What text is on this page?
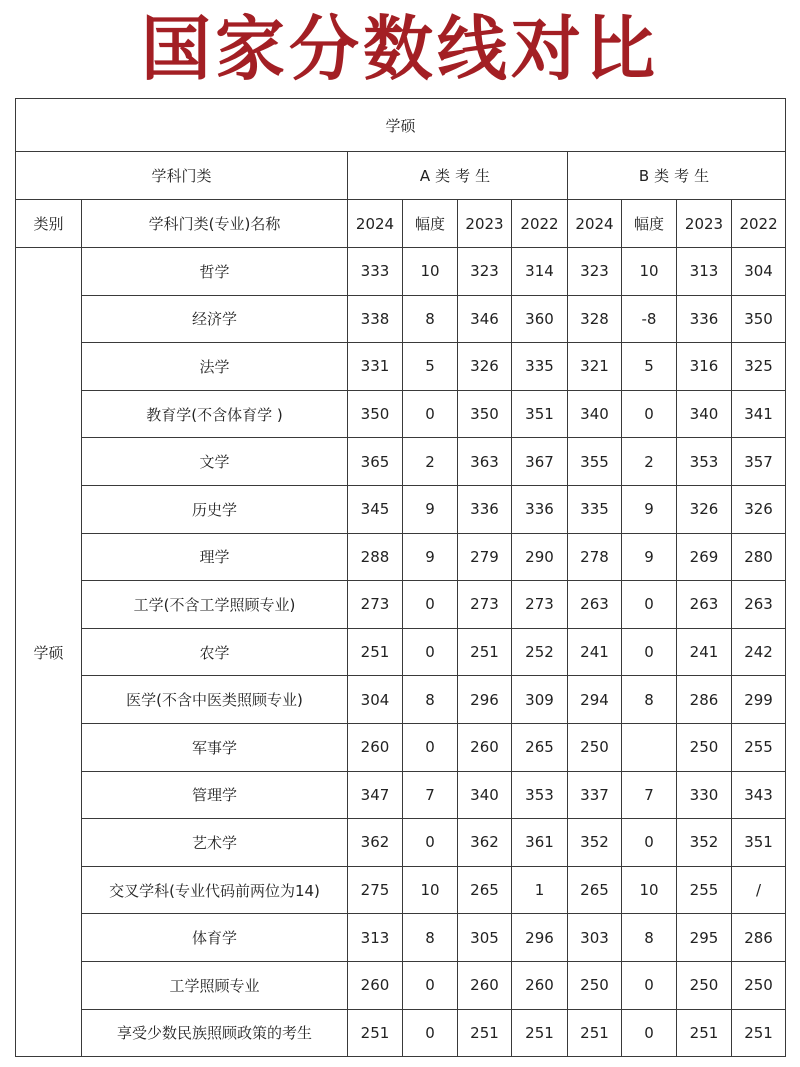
国家分数线对比
学硕									
学科门类		A类考生				B类考生			
类别	学科门类(专业)名称	2024	幅度	2023	2022	2024	幅度	2023	2022
学硕	哲学	333	10	323	314	323	10	313	304
	经济学	338	8	346	360	328	-8	336	350
	法学	331	5	326	335	321	5	316	325
	教育学(不含体育学 )	350	0	350	351	340	0	340	341
	文学	365	2	363	367	355	2	353	357
	历史学	345	9	336	336	335	9	326	326
	理学	288	9	279	290	278	9	269	280
	工学(不含工学照顾专业)	273	0	273	273	263	0	263	263
	农学	251	0	251	252	241	0	241	242
	医学(不含中医类照顾专业)	304	8	296	309	294	8	286	299
	军事学	260	0	260	265	250		250	255
	管理学	347	7	340	353	337	7	330	343
	艺术学	362	0	362	361	352	0	352	351
	交叉学科(专业代码前两位为14)	275	10	265	1	265	10	255	/
	体育学	313	8	305	296	303	8	295	286
	工学照顾专业	260	0	260	260	250	0	250	250
	享受少数民族照顾政策的考生	251	0	251	251	251	0	251	251
